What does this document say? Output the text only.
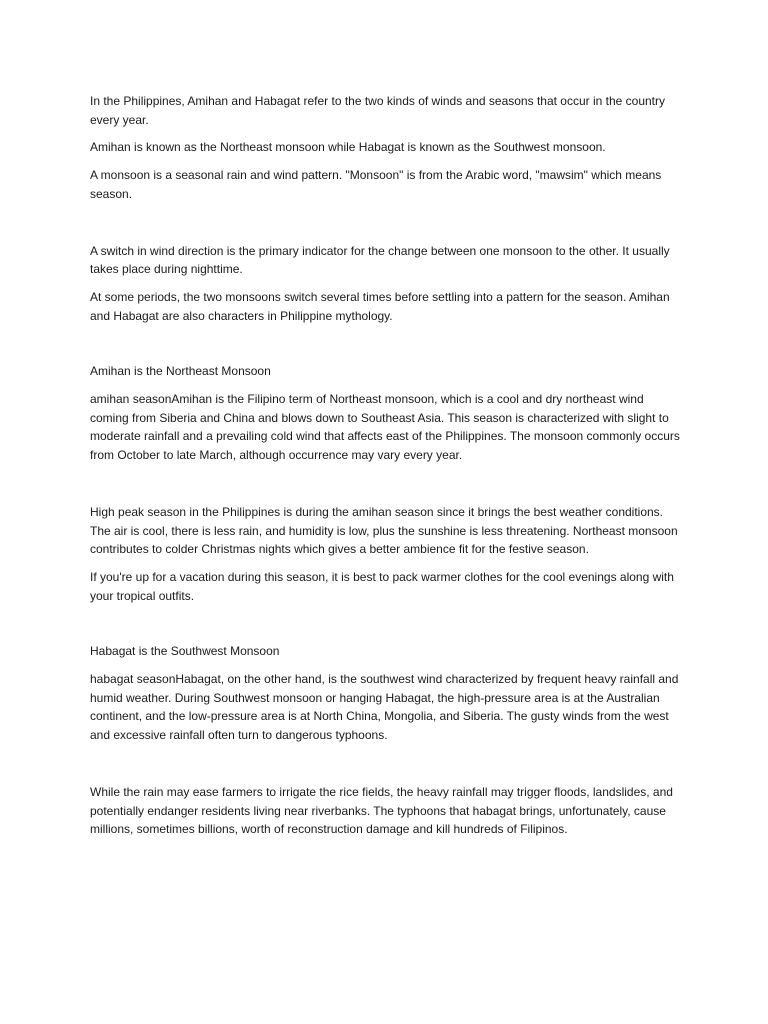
In the Philippines, Amihan and Habagat refer to the two kinds of winds and seasons that occur in the country every year.

Amihan is known as the Northeast monsoon while Habagat is known as the Southwest monsoon.

A monsoon is a seasonal rain and wind pattern. "Monsoon" is from the Arabic word, "mawsim" which means season.

A switch in wind direction is the primary indicator for the change between one monsoon to the other. It usually takes place during nighttime.

At some periods, the two monsoons switch several times before settling into a pattern for the season. Amihan and Habagat are also characters in Philippine mythology.

Amihan is the Northeast Monsoon

amihan seasonAmihan is the Filipino term of Northeast monsoon, which is a cool and dry northeast wind coming from Siberia and China and blows down to Southeast Asia. This season is characterized with slight to moderate rainfall and a prevailing cold wind that affects east of the Philippines. The monsoon commonly occurs from October to late March, although occurrence may vary every year.

High peak season in the Philippines is during the amihan season since it brings the best weather conditions. The air is cool, there is less rain, and humidity is low, plus the sunshine is less threatening. Northeast monsoon contributes to colder Christmas nights which gives a better ambience fit for the festive season.

If you're up for a vacation during this season, it is best to pack warmer clothes for the cool evenings along with your tropical outfits.

Habagat is the Southwest Monsoon

habagat seasonHabagat, on the other hand, is the southwest wind characterized by frequent heavy rainfall and humid weather. During Southwest monsoon or hanging Habagat, the high-pressure area is at the Australian continent, and the low-pressure area is at North China, Mongolia, and Siberia. The gusty winds from the west and excessive rainfall often turn to dangerous typhoons.

While the rain may ease farmers to irrigate the rice fields, the heavy rainfall may trigger floods, landslides, and potentially endanger residents living near riverbanks. The typhoons that habagat brings, unfortunately, cause millions, sometimes billions, worth of reconstruction damage and kill hundreds of Filipinos.
